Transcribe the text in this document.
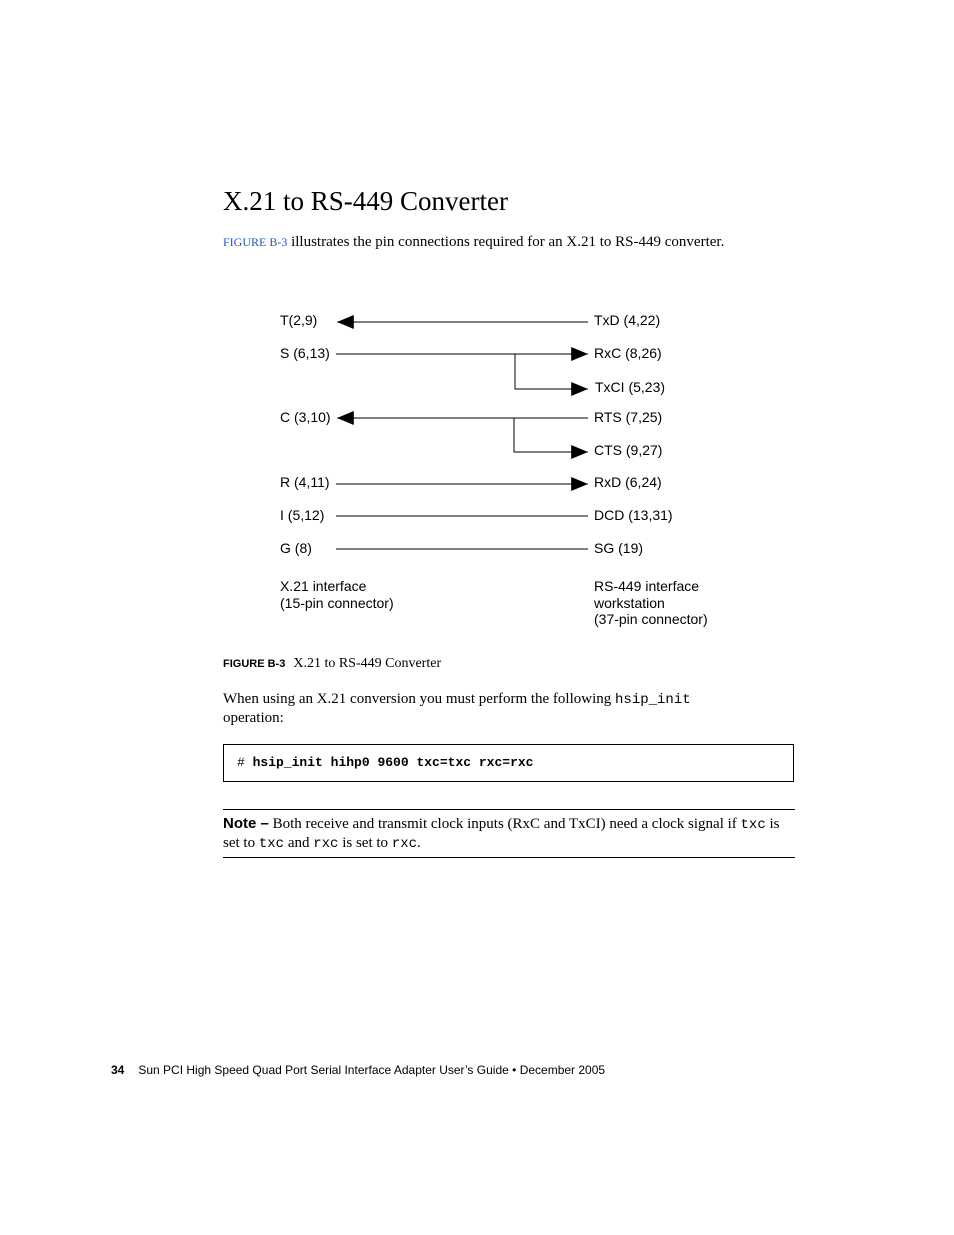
X.21 to RS-449 Converter
FIGURE B-3 illustrates the pin connections required for an X.21 to RS-449 converter.
T(2,9)
S (6,13)
C (3,10)
R (4,11)
I (5,12)
G (8)
TxD (4,22)
RxC (8,26)
TxCI (5,23)
RTS (7,25)
CTS (9,27)
RxD (6,24)
DCD (13,31)
SG (19)
X.21 interface
(15-pin connector)
RS-449 interface
workstation
(37-pin connector)
FIGURE B-3 X.21 to RS-449 Converter
When using an X.21 conversion you must perform the following hsip_init
operation:
# hsip_init hihp0 9600 txc=txc rxc=rxc
Note – Both receive and transmit clock inputs (RxC and TxCI) need a clock signal if txc is set to txc and rxc is set to rxc.
34 Sun PCI High Speed Quad Port Serial Interface Adapter User’s Guide • December 2005
